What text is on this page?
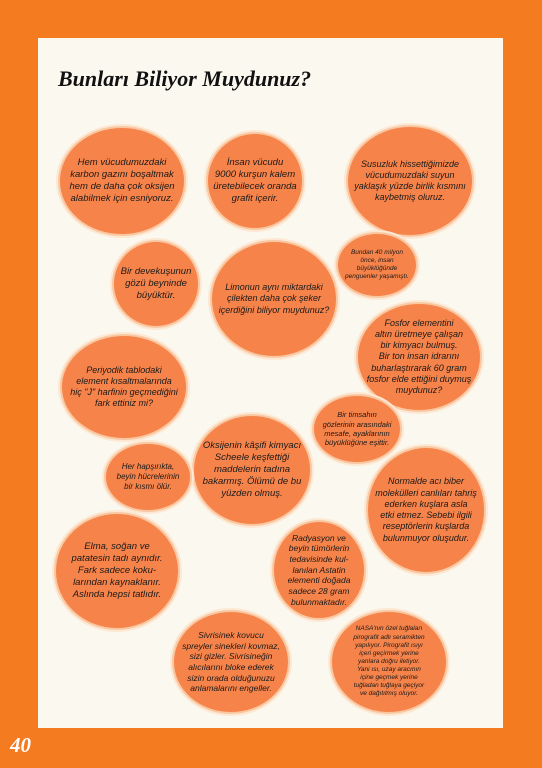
Bunları Biliyor Muydunuz?
Hem vücudumuzdaki
karbon gazını boşaltmak
hem de daha çok oksijen
alabilmek için esniyoruz.
İnsan vücudu
9000 kurşun kalem
üretebilecek oranda
grafit içerir.
Susuzluk hissettiğimizde
vücudumuzdaki suyun
yaklaşık yüzde birlik kısmını
kaybetmiş oluruz.
Bir devekuşunun
gözü beyninde
büyüktür.
Limonun aynı miktardaki
çilekten daha çok şeker
içerdiğini biliyor muydunuz?
Bundan 40 milyon
önce, insan
büyüklüğünde
penguenler yaşamıştı.
Fosfor elementini
altın üretmeye çalışan
bir kimyacı bulmuş.
Bir ton insan idrarını
buharlaştırarak 60 gram
fosfor elde ettiğini duymuş
muydunuz?
Periyodik tablodaki
element kısaltmalarında
hiç "J" harfinin geçmediğini
fark ettiniz mi?
Bir timsahın
gözlerinin arasındaki
mesafe, ayaklarının
büyüklüğüne eşittir.
Oksijenin kâşifi kimyacı
Scheele keşfettiği
maddelerin tadına
bakarmış. Ölümü de bu
yüzden olmuş.
Her hapşırıkta,
beyin hücrelerinin
bir kısmı ölür.
Normalde acı biber
molekülleri canlıları tahriş
ederken kuşlara asla
etki etmez. Sebebi ilgili
reseptörlerin kuşlarda
bulunmuyor oluşudur.
Elma, soğan ve
patatesin tadı aynıdır.
Fark sadece koku-
larından kaynaklanır.
Aslında hepsi tatlıdır.
Radyasyon ve
beyin tümörlerin
tedavisinde kul-
lanılan Astatin
elementi doğada
sadece 28 gram
bulunmaktadır.
Sivrisinek kovucu
spreyler sinekleri kovmaz,
sizi gizler. Sivrisineğin
alıcılarını bloke ederek
sizin orada olduğunuzu
anlamalarını engeller.
NASA'nın özel tuğlaları
pirografit adlı seramikten
yapılıyor. Pirografit ısıyı
içeri geçirmek yerine
yanlara doğru iletiyor.
Yani ısı, uzay aracının
içine geçmek yerine
tuğladan tuğlaya geçiyor
ve dağıtılmış oluyor.
40
